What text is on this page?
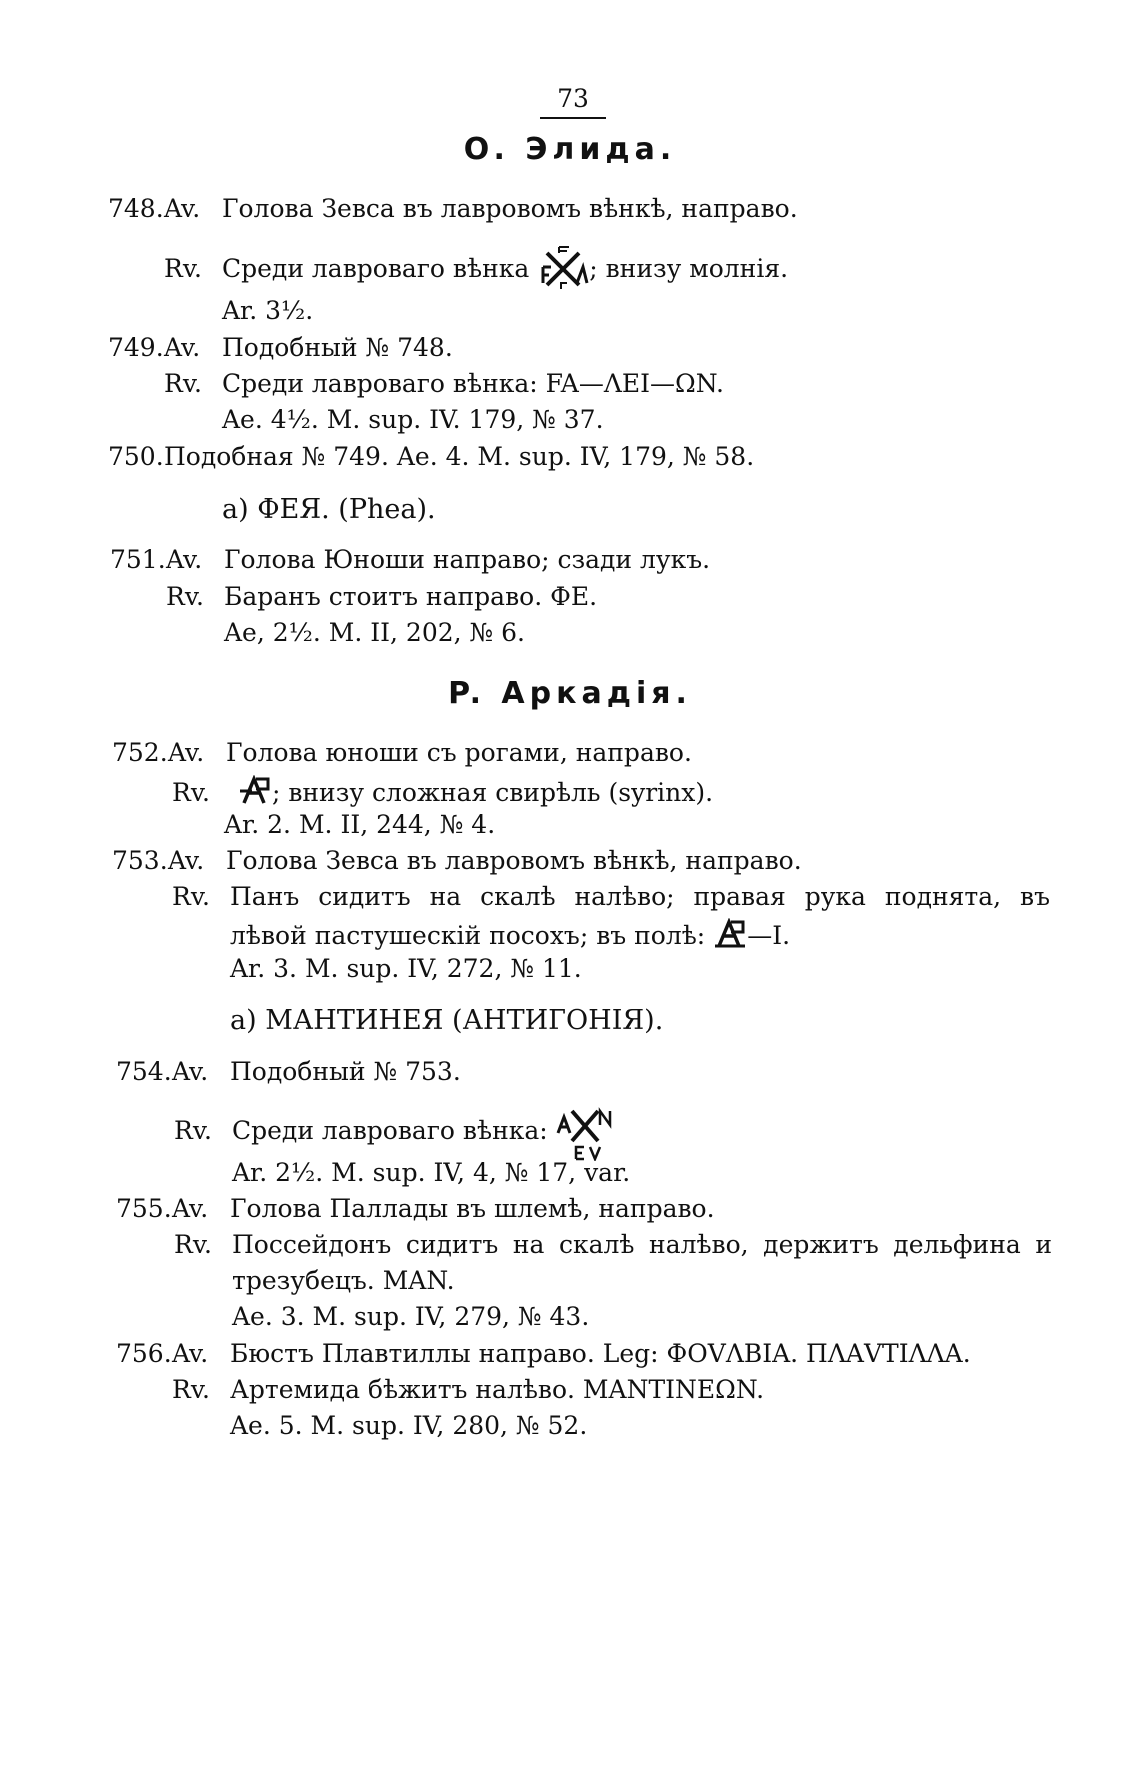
73
O. Элида.
748.Av. Голова Зевса въ лавровомъ вѣнкѣ, направо.
Rv. Среди лавроваго вѣнка ; внизу молнія.
Ar. 3½.
749.Av. Подобный № 748.
Rv. Среди лавроваго вѣнка: FA—ΛΕΙ—ΩN.
Ae. 4½. M. sup. IV. 179, № 37.
750.Подобная № 749. Ae. 4. M. sup. IV, 179, № 58.
а) ФЕЯ. (Phea).
751.Av. Голова Юноши направо; сзади лукъ.
Rv. Баранъ стоитъ направо. ФЕ.
Ae, 2½. M. II, 202, № 6.
P. Аркадія.
752.Av. Голова юноши съ рогами, направо.
Rv. ; внизу сложная свирѣль (syrinx).
Ar. 2. M. II, 244, № 4.
753.Av. Голова Зевса въ лавровомъ вѣнкѣ, направо.
Rv. Панъ сидитъ на скалѣ налѣво; правая рука поднята, въ
лѣвой пастушескій посохъ; въ полѣ: —I.
Ar. 3. M. sup. IV, 272, № 11.
а) МАНТИНЕЯ (АНТИГОНІЯ).
754.Av. Подобный № 753.
Rv. Среди лавроваго вѣнка:
Ar. 2½. M. sup. IV, 4, № 17, var.
755.Av. Голова Паллады въ шлемѣ, направо.
Rv. Поссейдонъ сидитъ на скалѣ налѣво, держитъ дельфина и
трезубецъ. MAN.
Ae. 3. M. sup. IV, 279, № 43.
756.Av. Бюстъ Плавтиллы направо. Leg: ФОVΛBIA. ΠΛΑVTIΛΛA.
Rv. Артемида бѣжитъ налѣво. MANTINEΩN.
Ae. 5. M. sup. IV, 280, № 52.
